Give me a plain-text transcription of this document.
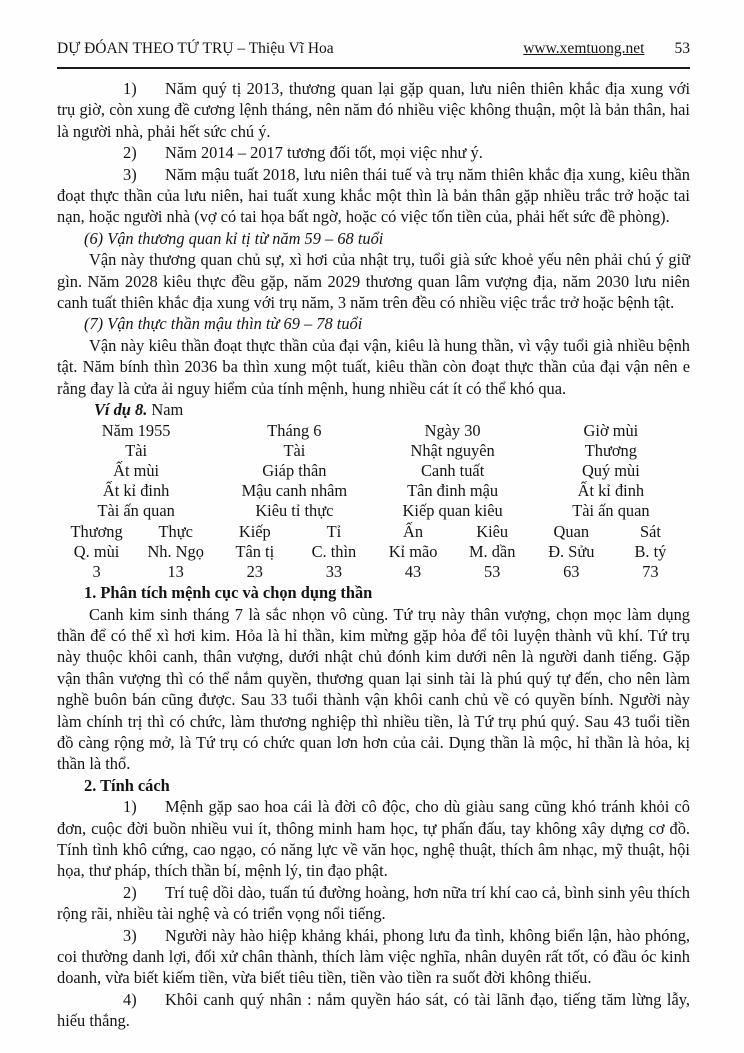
DỰ ĐÓAN THEO TỨ TRỤ – Thiệu Vĩ Hoa	www.xemtuong.net 53

1) Năm quý tị 2013, thương quan lại gặp quan, lưu niên thiên khắc địa xung với trụ giờ, còn xung đề cương lệnh tháng, nên năm đó nhiều việc không thuận, một là bản thân, hai là người nhà, phải hết sức chú ý.

2) Năm 2014 – 2017 tương đối tốt, mọi việc như ý.

3) Năm mậu tuất 2018, lưu niên thái tuế và trụ năm thiên khắc địa xung, kiêu thần đoạt thực thần của lưu niên, hai tuất xung khắc một thìn là bản thân gặp nhiều trắc trở hoặc tai nạn, hoặc người nhà (vợ có tai họa bất ngờ, hoặc có việc tốn tiền của, phải hết sức đề phòng).

(6) Vận thương quan kỉ tị từ năm 59 – 68 tuổi

Vận này thương quan chủ sự, xì hơi của nhật trụ, tuổi già sức khoẻ yếu nên phải chú ý giữ gìn. Năm 2028 kiêu thực đều gặp, năm 2029 thương quan lâm vượng địa, năm 2030 lưu niên canh tuất thiên khắc địa xung với trụ năm, 3 năm trên đều có nhiều việc trắc trở hoặc bệnh tật.

(7) Vận thực thần mậu thìn từ 69 – 78 tuổi

Vận này kiêu thần đoạt thực thần của đại vận, kiêu là hung thần, vì vậy tuổi già nhiều bệnh tật. Năm bính thìn 2036 ba thìn xung một tuất, kiêu thần còn đoạt thực thần của đại vận nên e rằng đay là cửa ải nguy hiểm của tính mệnh, hung nhiều cát ít có thể khó qua.

Ví dụ 8. Nam

Năm 1955	Tháng 6	Ngày 30	Giờ mùi
Tài	Tài	Nhật nguyên	Thương
Ất mùi	Giáp thân	Canh tuất	Quý mùi
Ất kỉ đinh	Mậu canh nhâm	Tân đinh mậu	Ất kỉ đinh
Tài ấn quan	Kiêu tỉ thực	Kiếp quan kiêu	Tài ấn quan
Thương	Thực	Kiếp	Tỉ	Ấn	Kiêu	Quan	Sát
Q. mùi	Nh. Ngọ	Tân tị	C. thìn	Kỉ mão	M. dần	Đ. Sửu	B. tý
3	13	23	33	43	53	63	73

1. Phân tích mệnh cục và chọn dụng thần

Canh kim sinh tháng 7 là sắc nhọn vô cùng. Tứ trụ này thân vượng, chọn mọc làm dụng thần để có thể xì hơi kim. Hỏa là hỉ thần, kim mừng gặp hỏa để tôi luyện thành vũ khí. Tứ trụ này thuộc khôi canh, thân vượng, dưới nhật chủ đónh kim dưới nên là người danh tiếng. Gặp vận thân vượng thì có thể nắm quyền, thương quan lại sinh tài là phú quý tự đến, cho nên làm nghề buôn bán cũng được. Sau 33 tuổi thành vận khôi canh chủ về có quyền bính. Người này làm chính trị thì có chức, làm thương nghiệp thì nhiều tiền, là Tứ trụ phú quý. Sau 43 tuổi tiền đồ càng rộng mở, là Tứ trụ có chức quan lơn hơn của cải. Dụng thần là mộc, hỉ thần là hỏa, kị thần là thổ.

2. Tính cách

1) Mệnh gặp sao hoa cái là đời cô độc, cho dù giàu sang cũng khó tránh khỏi cô đơn, cuộc đời buồn nhiều vui ít, thông minh ham học, tự phấn đấu, tay không xây dựng cơ đồ. Tính tình khô cứng, cao ngạo, có năng lực về văn học, nghệ thuật, thích âm nhạc, mỹ thuật, hội họa, thư pháp, thích thần bí, mệnh lý, tin đạo phật.

2) Trí tuệ dồi dào, tuấn tú đường hoàng, hơn nữa trí khí cao cả, bình sinh yêu thích rộng rãi, nhiều tài nghệ và có triển vọng nổi tiếng.

3) Người này hào hiệp khảng khái, phong lưu đa tình, không biển lận, hào phóng, coi thường danh lợi, đối xử chân thành, thích làm việc nghĩa, nhân duyên rất tốt, có đầu óc kinh doanh, vừa biết kiếm tiền, vừa biết tiêu tiền, tiền vào tiền ra suốt đời không thiếu.

4) Khôi canh quý nhân : nắm quyền háo sát, có tài lãnh đạo, tiếng tăm lừng lẫy, hiếu thắng.
